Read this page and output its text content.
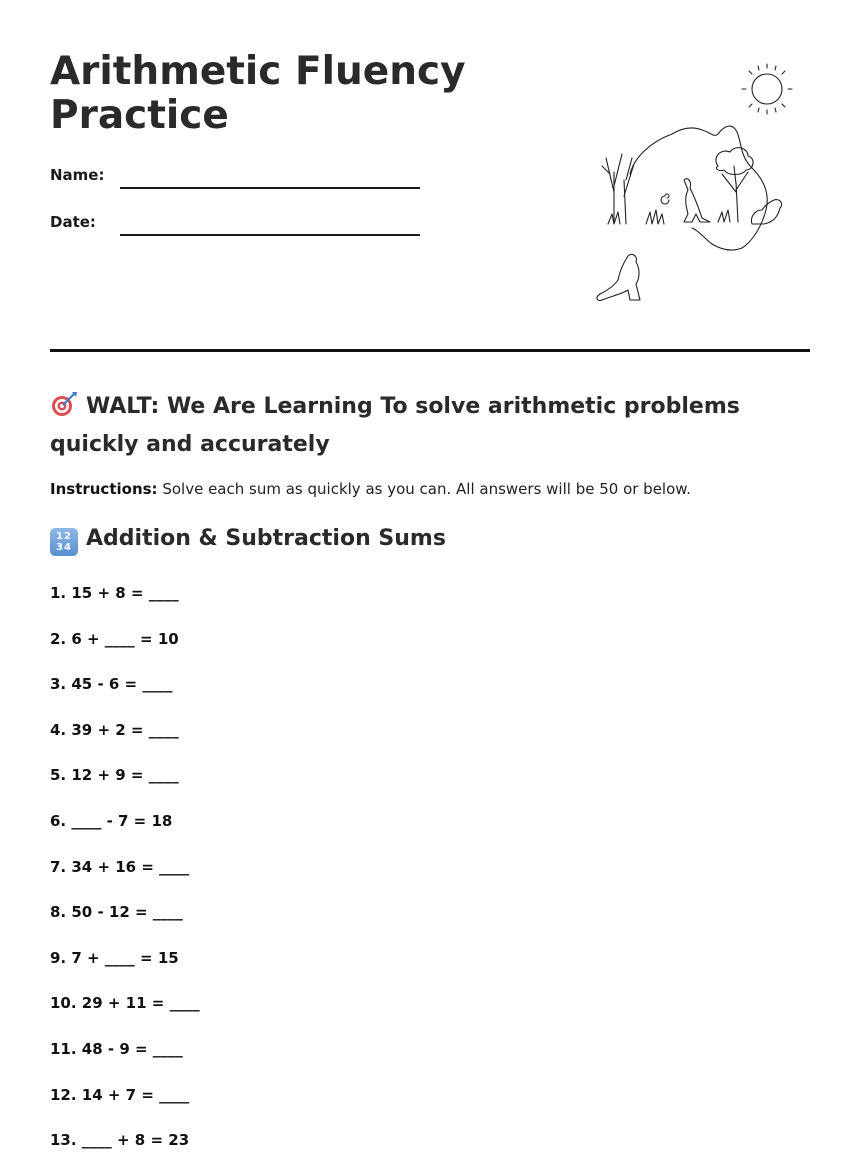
Arithmetic Fluency Practice
Name:
Date:
WALT: We Are Learning To solve arithmetic problems quickly and accurately
Instructions: Solve each sum as quickly as you can. All answers will be 50 or below.
12
34 Addition & Subtraction Sums
1. 15 + 8 = ____
2. 6 + ____ = 10
3. 45 - 6 = ____
4. 39 + 2 = ____
5. 12 + 9 = ____
6. ____ - 7 = 18
7. 34 + 16 = ____
8. 50 - 12 = ____
9. 7 + ____ = 15
10. 29 + 11 = ____
11. 48 - 9 = ____
12. 14 + 7 = ____
13. ____ + 8 = 23
